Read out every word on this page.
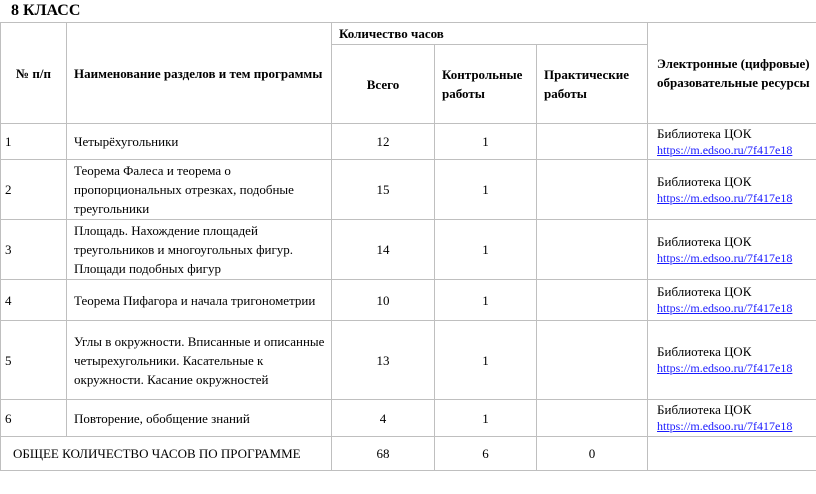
8 КЛАСС
№ п/п	Наименование разделов и тем программы	Количество часов			Электронные (цифровые) образовательные ресурсы
		Всего	Контрольные работы	Практические работы	
1	Четырёхугольники	12	1		Библиотека ЦОК
https://m.edsoo.ru/7f417e18

2	Теорема Фалеса и теорема о пропорциональных отрезках, подобные треугольники	15	1		Библиотека ЦОК
https://m.edsoo.ru/7f417e18

3	Площадь. Нахождение площадей треугольников и многоугольных фигур. Площади подобных фигур	14	1		Библиотека ЦОК
https://m.edsoo.ru/7f417e18

4	Теорема Пифагора и начала тригонометрии	10	1		Библиотека ЦОК
https://m.edsoo.ru/7f417e18

5	Углы в окружности. Вписанные и описанные четырехугольники. Касательные к окружности. Касание окружностей	13	1		Библиотека ЦОК
https://m.edsoo.ru/7f417e18

6	Повторение, обобщение знаний	4	1		Библиотека ЦОК
https://m.edsoo.ru/7f417e18

ОБЩЕЕ КОЛИЧЕСТВО ЧАСОВ ПО ПРОГРАММЕ		68	6	0	
